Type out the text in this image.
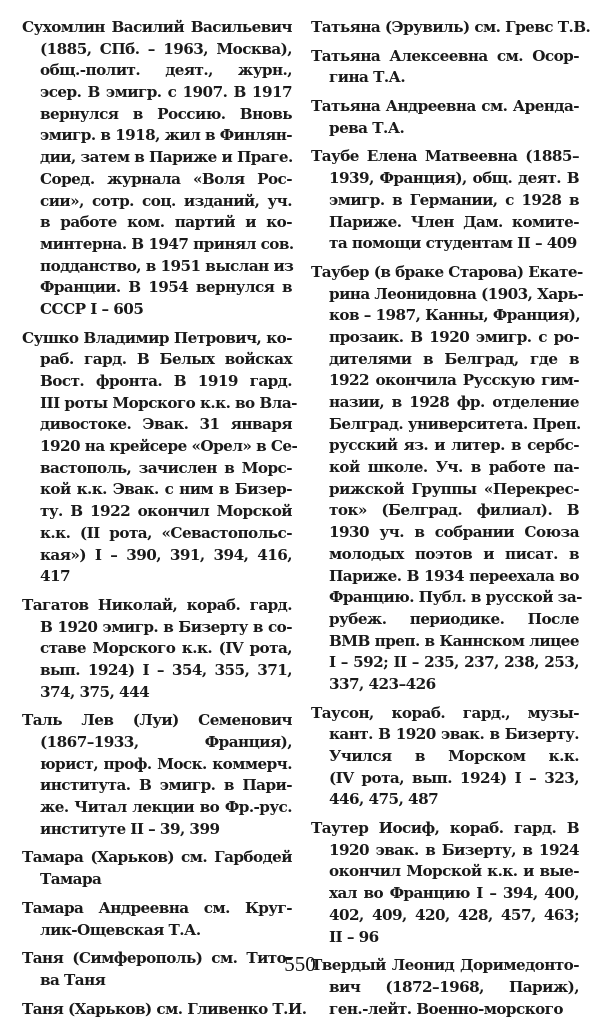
Сухомлин Василий Васильевич
(1885, СПб. – 1963, Москва),
общ.-полит. деят., журн.,
эсер. В эмигр. с 1907. В 1917
вернулся в Россию. Вновь
эмигр. в 1918, жил в Финлян-
дии, затем в Париже и Праге.
Соред. журнала «Воля Рос-
сии», сотр. соц. изданий, уч.
в работе ком. партий и ко-
минтерна. В 1947 принял сов.
подданство, в 1951 выслан из
Франции. В 1954 вернулся в
СССР I – 605
Сушко Владимир Петрович, ко-
раб. гард. В Белых войсках
Вост. фронта. В 1919 гард.
III роты Морского к.к. во Вла-
дивостоке. Эвак. 31 января
1920 на крейсере «Орел» в Се-
вастополь, зачислен в Морс-
кой к.к. Эвак. с ним в Бизер-
ту. В 1922 окончил Морской
к.к. (II рота, «Севастопольс-
кая») I – 390, 391, 394, 416,
417
Тагатов Николай, кораб. гард.
В 1920 эмигр. в Бизерту в со-
ставе Морского к.к. (IV рота,
вып. 1924) I – 354, 355, 371,
374, 375, 444
Таль Лев (Луи) Семенович
(1867–1933, Франция),
юрист, проф. Моск. коммерч.
института. В эмигр. в Пари-
же. Читал лекции во Фр.-рус.
институте II – 39, 399
Тамара (Харьков) см. Гарбодей
Тамара
Тамара Андреевна см. Круг-
лик-Ощевская Т.А.
Таня (Симферополь) см. Тито-
ва Таня
Таня (Харьков) см. Гливенко Т.И.
Татьяна (Эрувиль) см. Гревс Т.В.
Татьяна Алексеевна см. Осор-
гина Т.А.
Татьяна Андреевна см. Аренда-
рева Т.А.
Таубе Елена Матвеевна (1885–
1939, Франция), общ. деят. В
эмигр. в Германии, с 1928 в
Париже. Член Дам. комите-
та помощи студентам II – 409
Таубер (в браке Старова) Екате-
рина Леонидовна (1903, Харь-
ков – 1987, Канны, Франция),
прозаик. В 1920 эмигр. с ро-
дителями в Белград, где в
1922 окончила Русскую гим-
назии, в 1928 фр. отделение
Белград. университета. Преп.
русский яз. и литер. в сербс-
кой школе. Уч. в работе па-
рижской Группы «Перекрес-
ток» (Белград. филиал). В
1930 уч. в собрании Союза
молодых поэтов и писат. в
Париже. В 1934 переехала во
Францию. Публ. в русской за-
рубеж. периодике. После
ВМВ преп. в Каннском лицее
I – 592; II – 235, 237, 238, 253,
337, 423–426
Таусон, кораб. гард., музы-
кант. В 1920 эвак. в Бизерту.
Учился в Морском к.к.
(IV рота, вып. 1924) I – 323,
446, 475, 487
Таутер Иосиф, кораб. гард. В
1920 эвак. в Бизерту, в 1924
окончил Морской к.к. и вые-
хал во Францию I – 394, 400,
402, 409, 420, 428, 457, 463;
II – 96
Твердый Леонид Доримедонто-
вич (1872–1968, Париж),
ген.-лейт. Военно-морского
550
